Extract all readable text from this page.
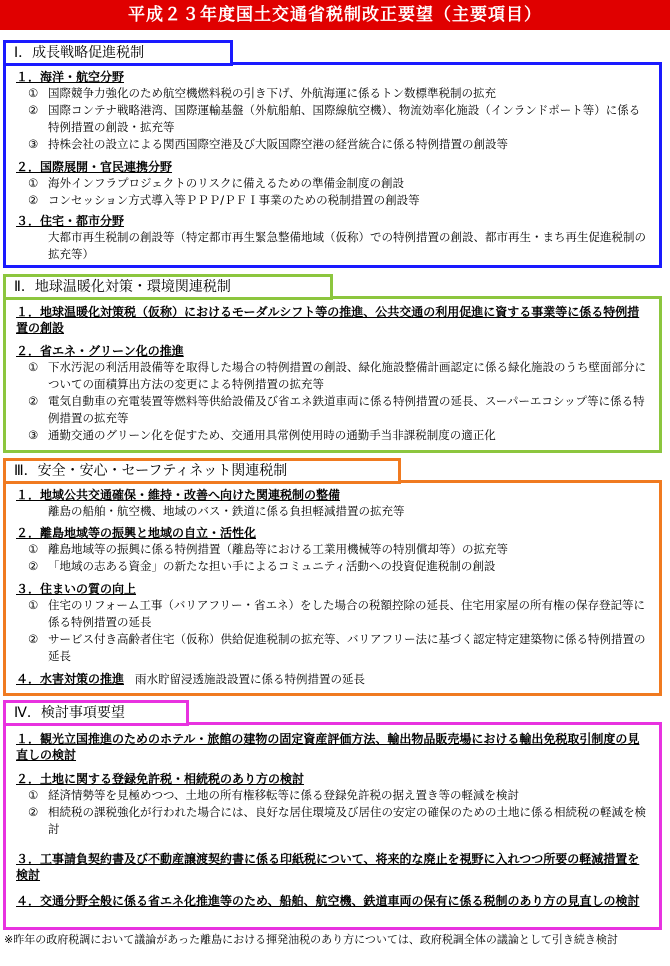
平成２３年度国土交通省税制改正要望（主要項目）
１．海洋・航空分野
① 国際競争力強化のため航空機燃料税の引き下げ、外航海運に係るトン数標準税制の拡充
② 国際コンテナ戦略港湾、国際運輸基盤（外航船舶、国際線航空機）、物流効率化施設（インランドポート等）に係る特例措置の創設・拡充等
③ 持株会社の設立による関西国際空港及び大阪国際空港の経営統合に係る特例措置の創設等
２．国際展開・官民連携分野
① 海外インフラプロジェクトのリスクに備えるための準備金制度の創設
② コンセッション方式導入等ＰＰＰ/ＰＦＩ事業のための税制措置の創設等
３．住宅・都市分野
大都市再生税制の創設等（特定都市再生緊急整備地域（仮称）での特例措置の創設、都市再生・まち再生促進税制の拡充等）
Ⅰ．成長戦略促進税制
１．地球温暖化対策税（仮称）におけるモーダルシフト等の推進、公共交通の利用促進に資する事業等に係る特例措置の創設
２．省エネ・グリーン化の推進
① 下水汚泥の利活用設備等を取得した場合の特例措置の創設、緑化施設整備計画認定に係る緑化施設のうち壁面部分についての面積算出方法の変更による特例措置の拡充等
② 電気自動車の充電装置等燃料等供給設備及び省エネ鉄道車両に係る特例措置の延長、スーパーエコシップ等に係る特例措置の拡充等
③ 通勤交通のグリーン化を促すため、交通用具常例使用時の通勤手当非課税制度の適正化
Ⅱ．地球温暖化対策・環境関連税制
１．地域公共交通確保・維持・改善へ向けた関連税制の整備
離島の船舶・航空機、地域のバス・鉄道に係る負担軽減措置の拡充等
２．離島地域等の振興と地域の自立・活性化
① 離島地域等の振興に係る特例措置（離島等における工業用機械等の特別償却等）の拡充等
② 「地域の志ある資金」の新たな担い手によるコミュニティ活動への投資促進税制の創設
３．住まいの質の向上
① 住宅のリフォーム工事（バリアフリー・省エネ）をした場合の税額控除の延長、住宅用家屋の所有権の保存登記等に係る特例措置の延長
② サービス付き高齢者住宅（仮称）供給促進税制の拡充等、バリアフリー法に基づく認定特定建築物に係る特例措置の延長
４．水害対策の推進 雨水貯留浸透施設設置に係る特例措置の延長
Ⅲ．安全・安心・セーフティネット関連税制
１．観光立国推進のためのホテル・旅館の建物の固定資産評価方法、輸出物品販売場における輸出免税取引制度の見直しの検討
２．土地に関する登録免許税・相続税のあり方の検討
① 経済情勢等を見極めつつ、土地の所有権移転等に係る登録免許税の据え置き等の軽減を検討
② 相続税の課税強化が行われた場合には、良好な居住環境及び居住の安定の確保のための土地に係る相続税の軽減を検討
３．工事請負契約書及び不動産譲渡契約書に係る印紙税について、将来的な廃止を視野に入れつつ所要の軽減措置を検討
４．交通分野全般に係る省エネ化推進等のため、船舶、航空機、鉄道車両の保有に係る税制のあり方の見直しの検討
Ⅳ．検討事項要望
※昨年の政府税調において議論があった離島における揮発油税のあり方については、政府税調全体の議論として引き続き検討
